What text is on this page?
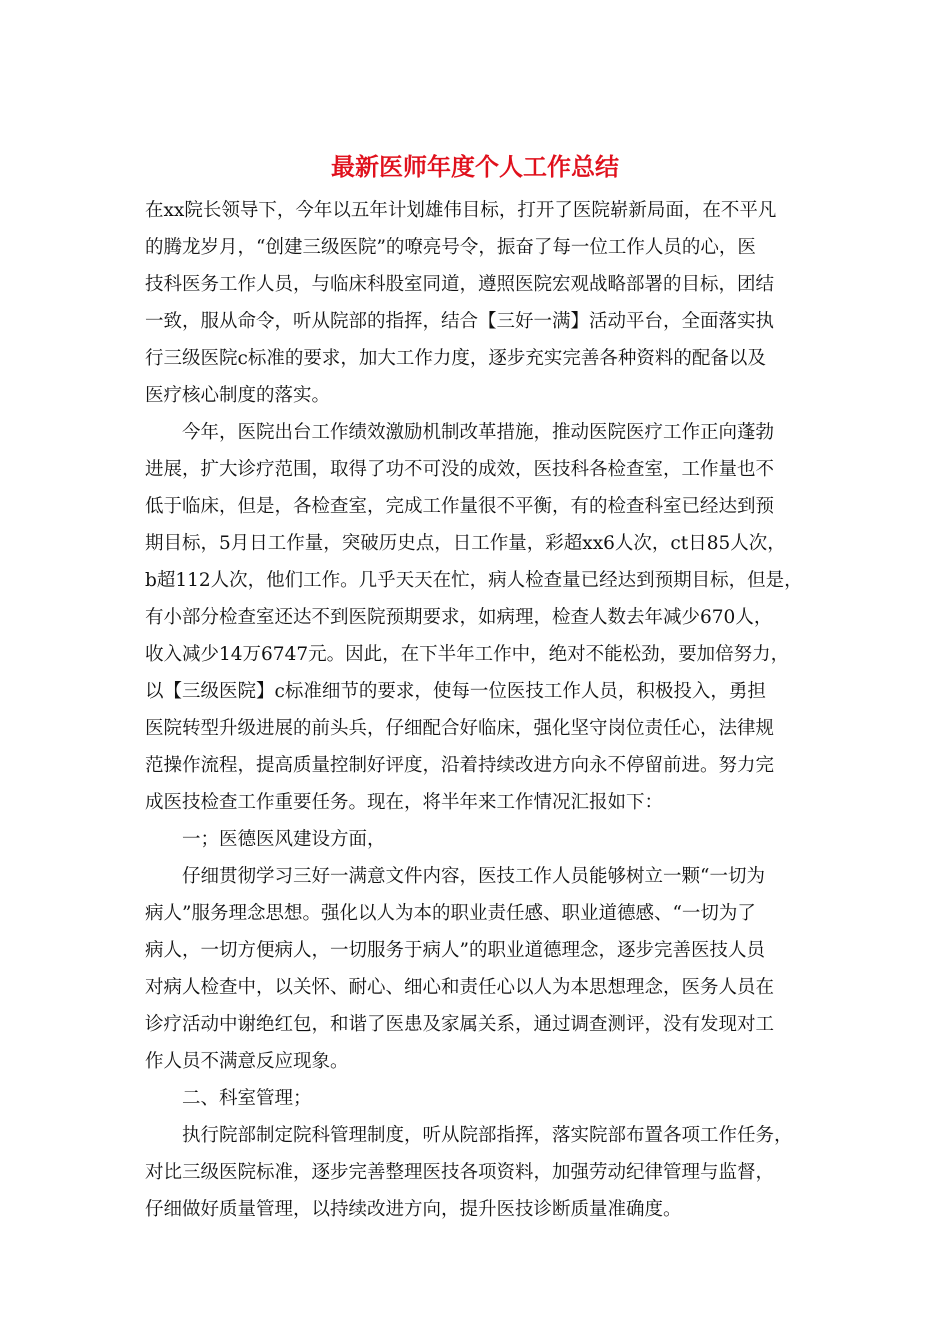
最新医师年度个人工作总结

在xx院长领导下，今年以五年计划雄伟目标，打开了医院崭新局面，在不平凡

的腾龙岁月，“创建三级医院”的嘹亮号令，振奋了每一位工作人员的心，医

技科医务工作人员，与临床科股室同道，遵照医院宏观战略部署的目标，团结

一致，服从命令，听从院部的指挥，结合【三好一满】活动平台，全面落实执

行三级医院c标准的要求，加大工作力度，逐步充实完善各种资料的配备以及

医疗核心制度的落实。

今年，医院出台工作绩效激励机制改革措施，推动医院医疗工作正向蓬勃

进展，扩大诊疗范围，取得了功不可没的成效，医技科各检查室，工作量也不

低于临床，但是，各检查室，完成工作量很不平衡，有的检查科室已经达到预

期目标，5月日工作量，突破历史点，日工作量，彩超xx6人次，ct日85人次，

b超112人次，他们工作。几乎天天在忙，病人检查量已经达到预期目标，但是，

有小部分检查室还达不到医院预期要求，如病理，检查人数去年减少670人，

收入减少14万6747元。因此，在下半年工作中，绝对不能松劲，要加倍努力，

以【三级医院】c标准细节的要求，使每一位医技工作人员，积极投入，勇担

医院转型升级进展的前头兵，仔细配合好临床，强化坚守岗位责任心，法律规

范操作流程，提高质量控制好评度，沿着持续改进方向永不停留前进。努力完

成医技检查工作重要任务。现在，将半年来工作情况汇报如下：

一；医德医风建设方面，

仔细贯彻学习三好一满意文件内容，医技工作人员能够树立一颗“一切为

病人”服务理念思想。强化以人为本的职业责任感、职业道德感、“一切为了

病人，一切方便病人，一切服务于病人”的职业道德理念，逐步完善医技人员

对病人检查中，以关怀、耐心、细心和责任心以人为本思想理念，医务人员在

诊疗活动中谢绝红包，和谐了医患及家属关系，通过调查测评，没有发现对工

作人员不满意反应现象。

二、科室管理；

执行院部制定院科管理制度，听从院部指挥，落实院部布置各项工作任务，

对比三级医院标准，逐步完善整理医技各项资料，加强劳动纪律管理与监督，

仔细做好质量管理，以持续改进方向，提升医技诊断质量准确度。
